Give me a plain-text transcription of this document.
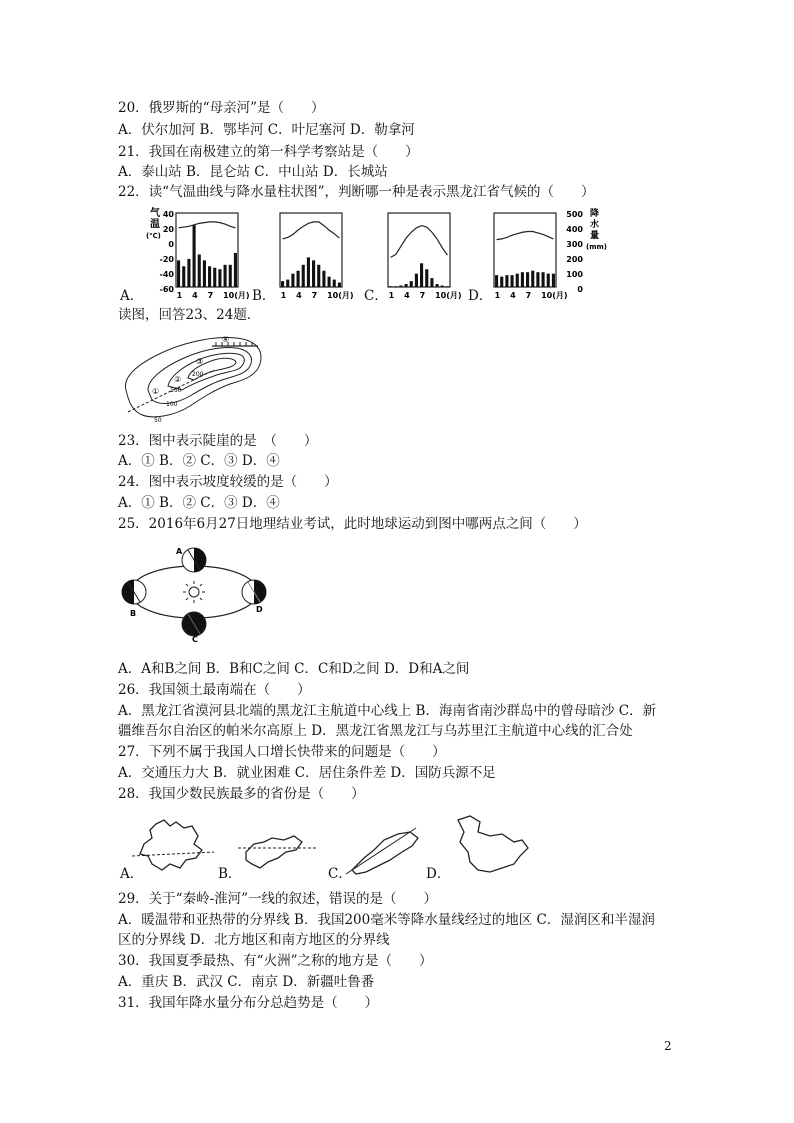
20．俄罗斯的“母亲河”是（　　）
A．伏尔加河 B．鄂毕河 C．叶尼塞河 D．勒拿河
21．我国在南极建立的第一科学考察站是（　　）
A．泰山站 B．昆仑站 C．中山站 D．长城站
22．读“气温曲线与降水量柱状图”，判断哪一种是表示黑龙江省气候的（　　）
A．	B．	C．	D．
气
温
(℃)
40
20
0
-20
-40
-60
500
400
300
200
100
0
降
水
量
(mm)
1 4 7 10(月)	1 4 7 10(月)	1 4 7 10(月)	1 4 7 10(月)
读图，回答23、24题．
50
100
150
200
①
②
③
④
23．图中表示陡崖的是　（　　）
A．① B．② C．③ D．④
24．图中表示坡度较缓的是（　　）
A．① B．② C．③ D．④
25．2016年6月27日地理结业考试，此时地球运动到图中哪两点之间（　　）
A
B
C
D
A．A和B之间 B．B和C之间 C．C和D之间 D．D和A之间
26．我国领土最南端在（　　）
A．黑龙江省漠河县北端的黑龙江主航道中心线上 B．海南省南沙群岛中的曾母暗沙 C．新
疆维吾尔自治区的帕米尔高原上 D．黑龙江省黑龙江与乌苏里江主航道中心线的汇合处
27．下列不属于我国人口增长快带来的问题是（　　）
A．交通压力大 B．就业困难 C．居住条件差 D．国防兵源不足
28．我国少数民族最多的省份是（　　）
A．	B．	C．	D．
29．关于“秦岭-淮河”一线的叙述，错误的是（　　）
A．暖温带和亚热带的分界线 B．我国200毫米等降水量线经过的地区 C．湿润区和半湿润
区的分界线 D．北方地区和南方地区的分界线
30．我国夏季最热、有“火洲”之称的地方是（　　）
A．重庆 B．武汉 C．南京 D．新疆吐鲁番
31．我国年降水量分布分总趋势是（　　）
2
